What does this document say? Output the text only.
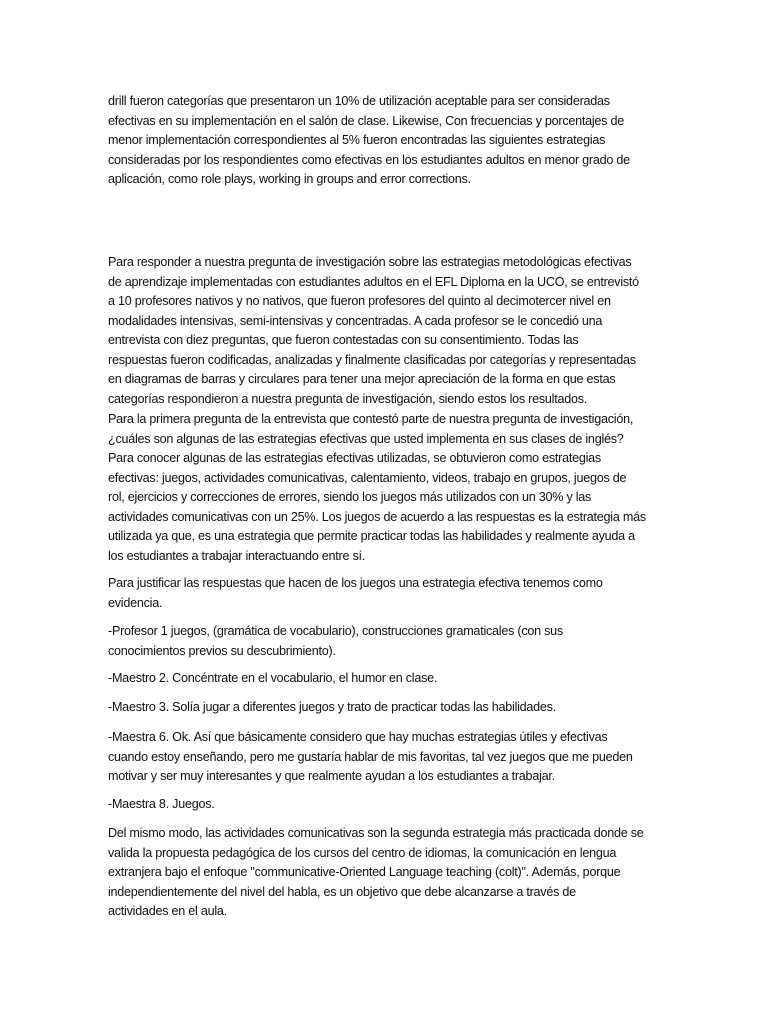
drill fueron categorías que presentaron un 10% de utilización aceptable para ser consideradas
efectivas en su implementación en el salón de clase. Likewise, Con frecuencias y porcentajes de
menor implementación correspondientes al 5% fueron encontradas las siguientes estrategias
consideradas por los respondientes como efectivas en los estudiantes adultos en menor grado de
aplicación, como role plays, working in groups and error corrections.
Para responder a nuestra pregunta de investigación sobre las estrategias metodológicas efectivas
de aprendizaje implementadas con estudiantes adultos en el EFL Diploma en la UCO, se entrevistó
a 10 profesores nativos y no nativos, que fueron profesores del quinto al decimotercer nivel en
modalidades intensivas, semi-intensivas y concentradas. A cada profesor se le concedió una
entrevista con diez preguntas, que fueron contestadas con su consentimiento. Todas las
respuestas fueron codificadas, analizadas y finalmente clasificadas por categorías y representadas
en diagramas de barras y circulares para tener una mejor apreciación de la forma en que estas
categorías respondieron a nuestra pregunta de investigación, siendo estos los resultados.
Para la primera pregunta de la entrevista que contestó parte de nuestra pregunta de investigación,
¿cuáles son algunas de las estrategias efectivas que usted implementa en sus clases de inglés?
Para conocer algunas de las estrategias efectivas utilizadas, se obtuvieron como estrategias
efectivas: juegos, actividades comunicativas, calentamiento, videos, trabajo en grupos, juegos de
rol, ejercicios y correcciones de errores, siendo los juegos más utilizados con un 30% y las
actividades comunicativas con un 25%. Los juegos de acuerdo a las respuestas es la estrategia más
utilizada ya que, es una estrategia que permite practicar todas las habilidades y realmente ayuda a
los estudiantes a trabajar interactuando entre sí.
Para justificar las respuestas que hacen de los juegos una estrategia efectiva tenemos como
evidencia.
-Profesor 1 juegos, (gramática de vocabulario), construcciones gramaticales (con sus
conocimientos previos su descubrimiento).
-Maestro 2. Concéntrate en el vocabulario, el humor en clase.
-Maestro 3. Solía jugar a diferentes juegos y trato de practicar todas las habilidades.
-Maestra 6. Ok. Así que básicamente considero que hay muchas estrategias útiles y efectivas
cuando estoy enseñando, pero me gustaría hablar de mis favoritas, tal vez juegos que me pueden
motivar y ser muy interesantes y que realmente ayudan a los estudiantes a trabajar.
-Maestra 8. Juegos.
Del mismo modo, las actividades comunicativas son la segunda estrategia más practicada donde se
valida la propuesta pedagógica de los cursos del centro de idiomas, la comunicación en lengua
extranjera bajo el enfoque "communicative-Oriented Language teaching (colt)". Además, porque
independientemente del nivel del habla, es un objetivo que debe alcanzarse a través de
actividades en el aula.
